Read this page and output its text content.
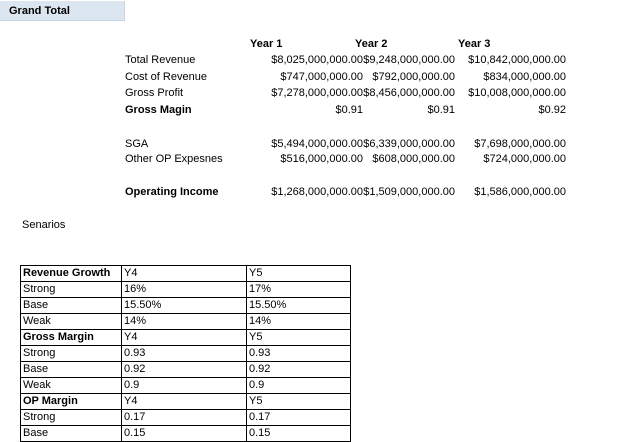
Grand Total
Year 1	Year 2	Year 3
Total Revenue	$8,025,000,000.00 $9,248,000,000.00 $10,842,000,000.00
Cost of Revenue	$747,000,000.00 $792,000,000.00	$834,000,000.00
Gross Profit	$7,278,000,000.00 $8,456,000,000.00 $10,008,000,000.00
Gross Magin	$0.91	$0.91	$0.92
SGA	$5,494,000,000.00 $6,339,000,000.00 $7,698,000,000.00
Other OP Expesnes	$516,000,000.00 $608,000,000.00	$724,000,000.00
Operating Income	$1,268,000,000.00 $1,509,000,000.00 $1,586,000,000.00
Senarios
Revenue Growth	Y4	Y5
Strong	16%	17%
Base	15.50%	15.50%
Weak	14%	14%
Gross Margin	Y4	Y5
Strong	0.93	0.93
Base	0.92	0.92
Weak	0.9	0.9
OP Margin	Y4	Y5
Strong	0.17	0.17
Base	0.15	0.15
